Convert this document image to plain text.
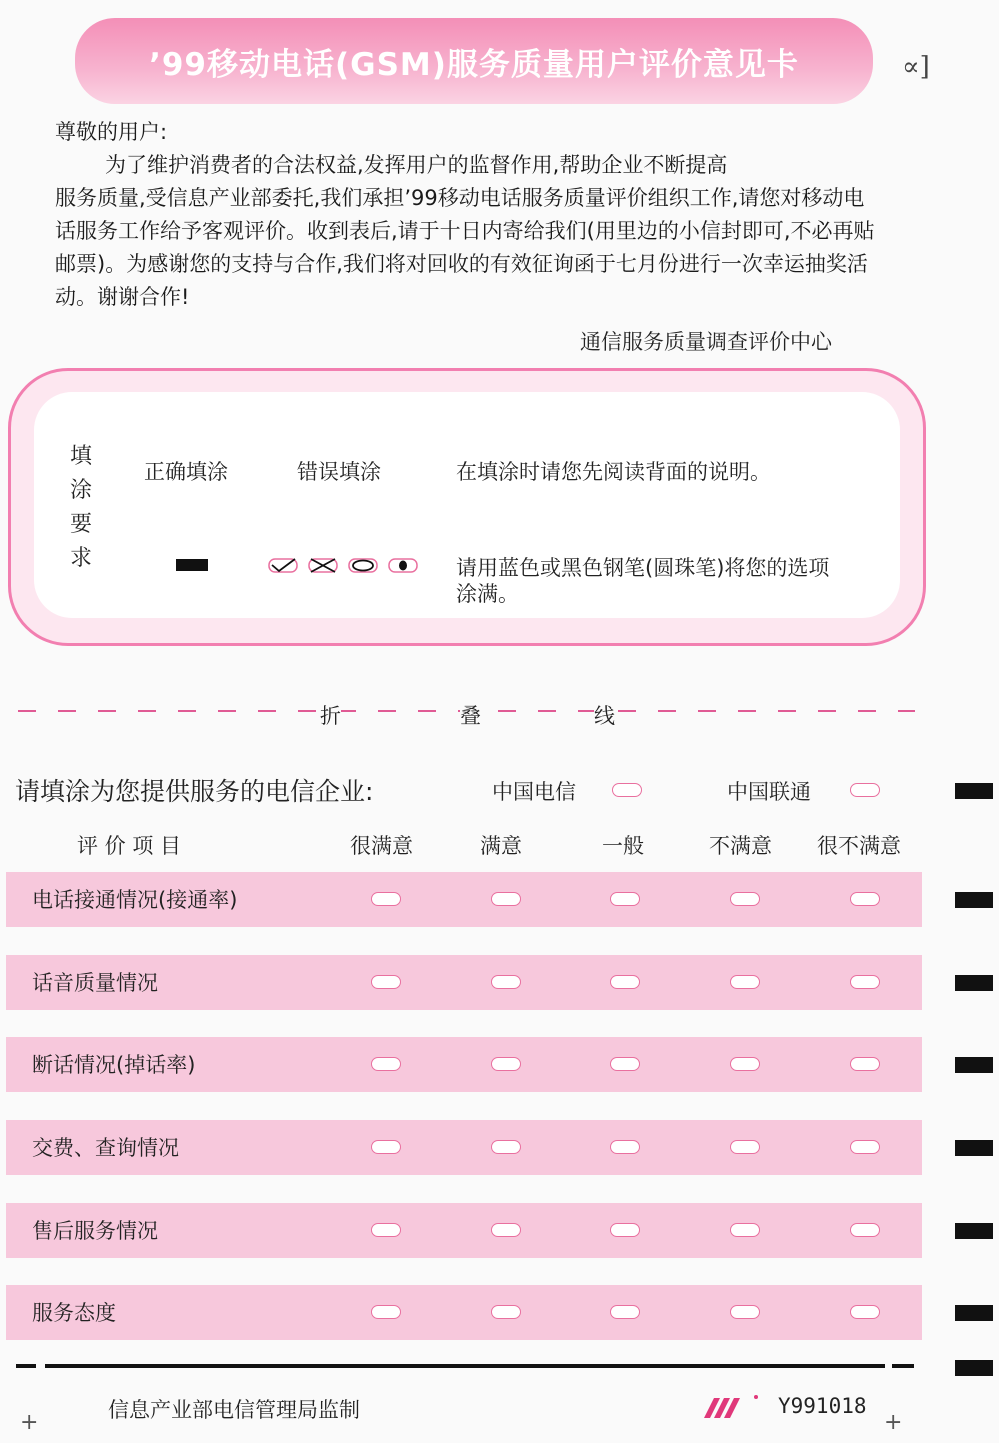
’99移动电话(GSM)服务质量用户评价意见卡	∝]
尊敬的用户:
为了维护消费者的合法权益,发挥用户的监督作用,帮助企业不断提高
服务质量,受信息产业部委托,我们承担’99移动电话服务质量评价组织工作,请您对移动电话服务工作给予客观评价。收到表后,请于十日内寄给我们(用里边的小信封即可,不必再贴邮票)。为感谢您的支持与合作,我们将对回收的有效征询函于七月份进行一次幸运抽奖活动。谢谢合作!
通信服务质量调查评价中心
填涂要求
正确填涂	错误填涂	在填涂时请您先阅读背面的说明。
请用蓝色或黑色钢笔(圆珠笔)将您的选项涂满。
折	叠	线
请填涂为您提供服务的电信企业:	中国电信	中国联通
评 价 项 目	很满意	满意	一般	不满意 很不满意
电话接通情况(接通率)
话音质量情况
断话情况(掉话率)
交费、查询情况
售后服务情况
服务态度
信息产业部电信管理局监制	Y991018
+	+
